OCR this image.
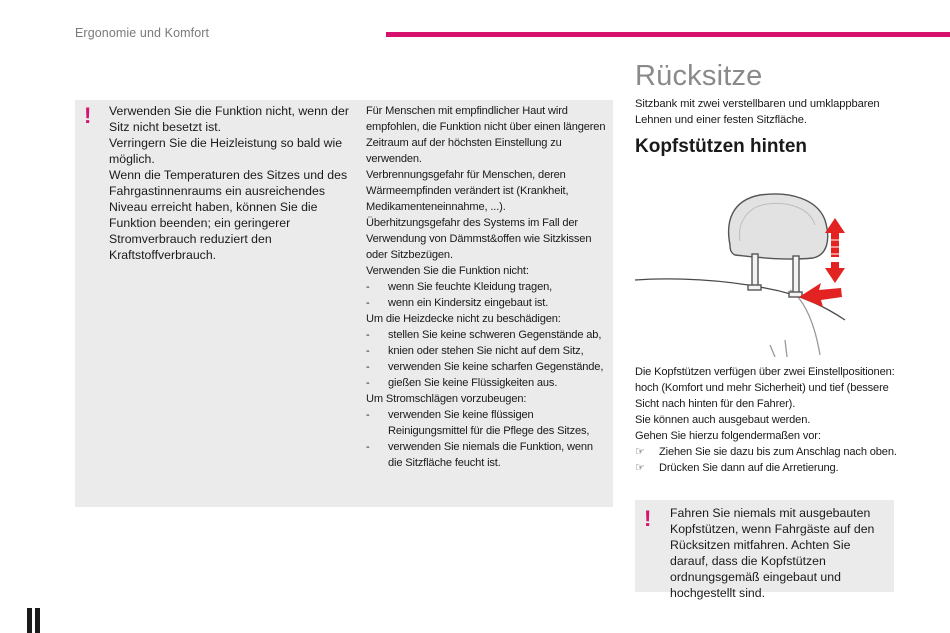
Ergonomie und Komfort
! Verwenden Sie die Funktion nicht, wenn der Sitz nicht besetzt ist.

Verringern Sie die Heizleistung so bald wie möglich.

Wenn die Temperaturen des Sitzes und des Fahrgastinnenraums ein ausreichendes Niveau erreicht haben, können Sie die Funktion beenden; ein geringerer Stromverbrauch reduziert den Kraftstoffverbrauch.

Für Menschen mit empfindlicher Haut wird empfohlen, die Funktion nicht über einen längeren Zeitraum auf der höchsten Einstellung zu verwenden.

Verbrennungsgefahr für Menschen, deren Wärmeempfinden verändert ist (Krankheit, Medikamenteneinnahme, ...).

Überhitzungsgefahr des Systems im Fall der Verwendung von Dämmst&offen wie Sitzkissen oder Sitzbezügen.

Verwenden Sie die Funktion nicht:

-	wenn Sie feuchte Kleidung tragen,
-	wenn ein Kindersitz eingebaut ist.

Um die Heizdecke nicht zu beschädigen:

-	stellen Sie keine schweren Gegenstände ab,
-	knien oder stehen Sie nicht auf dem Sitz,
-	verwenden Sie keine scharfen Gegenstände,
-	gießen Sie keine Flüssigkeiten aus.

Um Stromschlägen vorzubeugen:

-	verwenden Sie keine flüssigen Reinigungsmittel für die Pflege des Sitzes,
-	verwenden Sie niemals die Funktion, wenn die Sitzfläche feucht ist.
Rücksitze
Sitzbank mit zwei verstellbaren und umklappbaren Lehnen und einer festen Sitzfläche.
Kopfstützen hinten

Die Kopfstützen verfügen über zwei Einstellpositionen: hoch (Komfort und mehr Sicherheit) und tief (bessere Sicht nach hinten für den Fahrer).

Sie können auch ausgebaut werden.

Gehen Sie hierzu folgendermaßen vor:

☞	Ziehen Sie sie dazu bis zum Anschlag nach oben.
☞	Drücken Sie dann auf die Arretierung.
! Fahren Sie niemals mit ausgebauten Kopfstützen, wenn Fahrgäste auf den Rücksitzen mitfahren. Achten Sie darauf, dass die Kopfstützen ordnungsgemäß eingebaut und hochgestellt sind.
